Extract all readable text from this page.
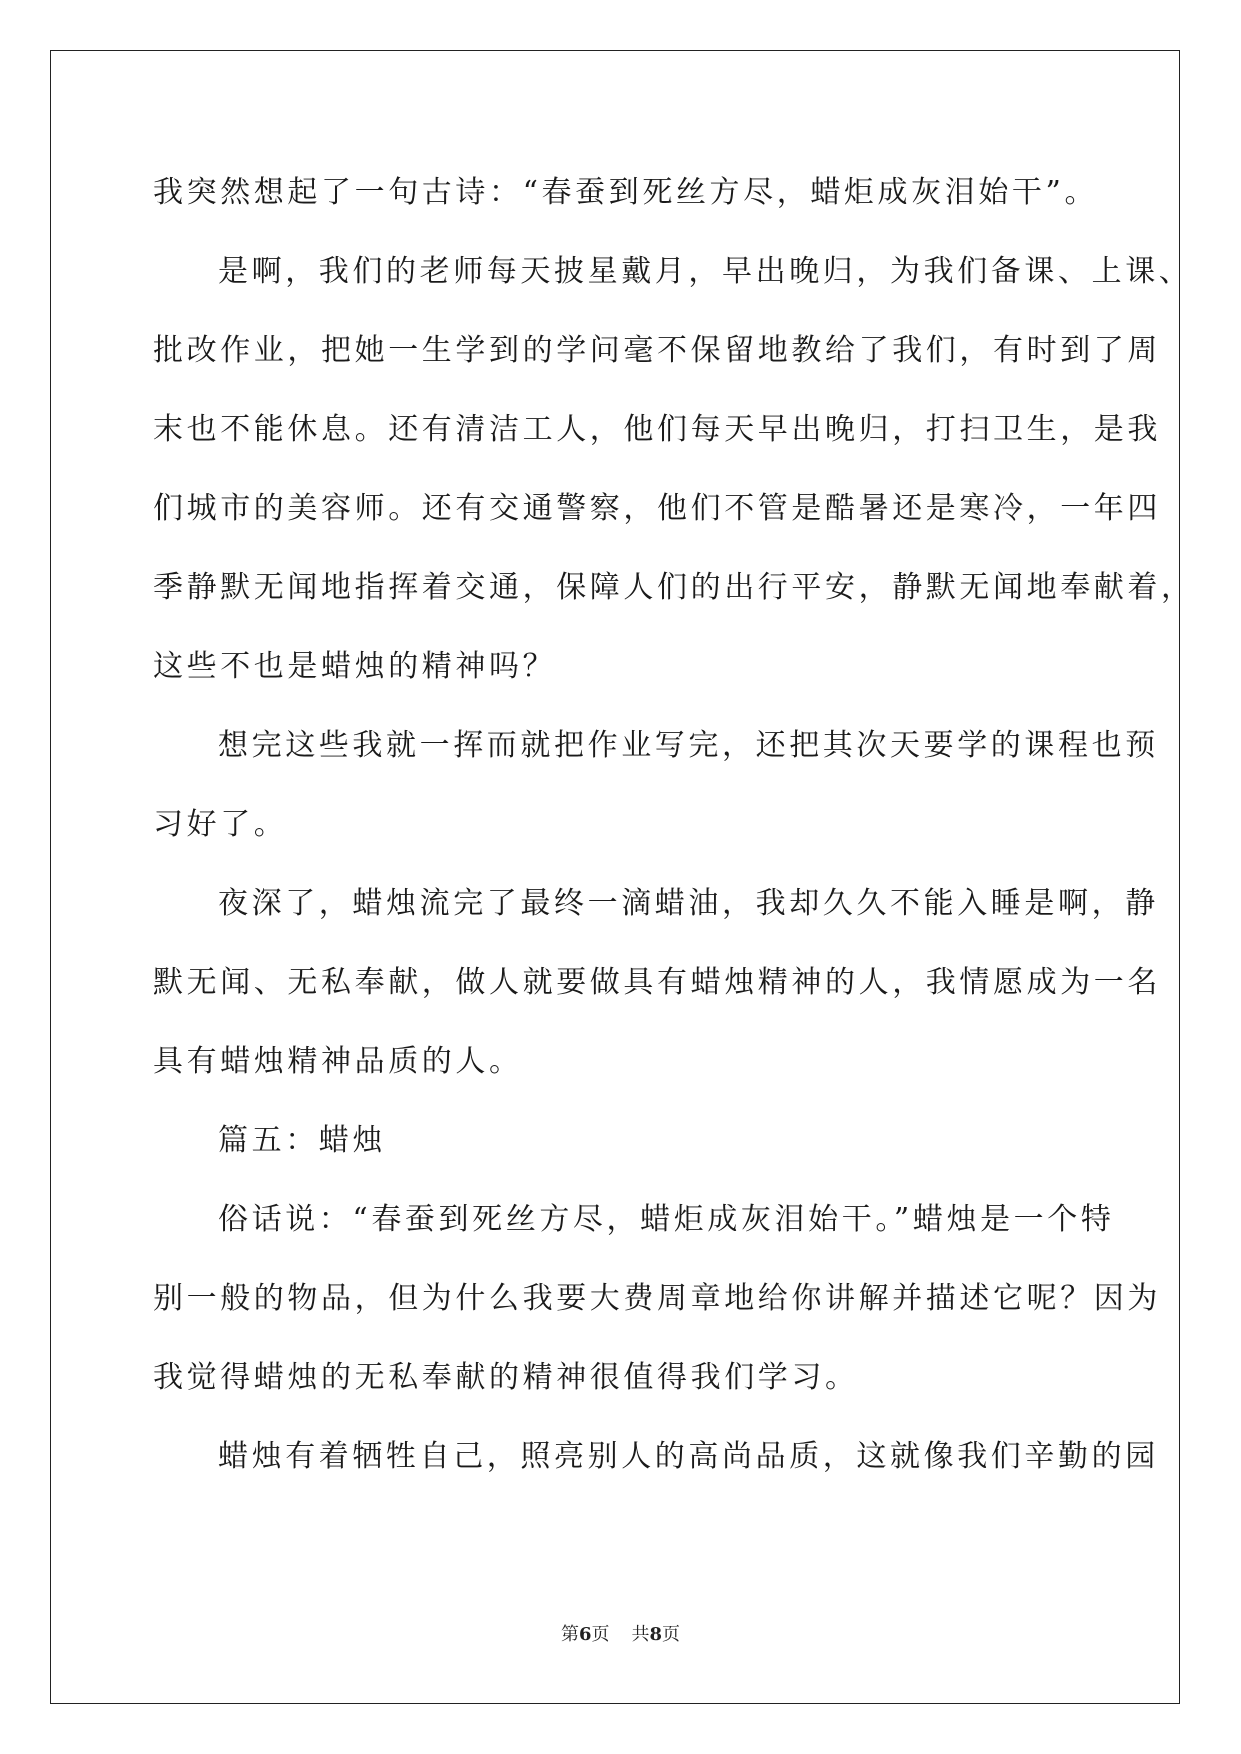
我突然想起了一句古诗：“春蚕到死丝方尽，蜡炬成灰泪始干”。

是啊，我们的老师每天披星戴月，早出晚归，为我们备课、上课、

批改作业，把她一生学到的学问毫不保留地教给了我们，有时到了周

末也不能休息。还有清洁工人，他们每天早出晚归，打扫卫生，是我

们城市的美容师。还有交通警察，他们不管是酷暑还是寒冷，一年四

季静默无闻地指挥着交通，保障人们的出行平安，静默无闻地奉献着，

这些不也是蜡烛的精神吗？

想完这些我就一挥而就把作业写完，还把其次天要学的课程也预

习好了。

夜深了，蜡烛流完了最终一滴蜡油，我却久久不能入睡是啊，静

默无闻、无私奉献，做人就要做具有蜡烛精神的人，我情愿成为一名

具有蜡烛精神品质的人。

篇五：蜡烛

俗话说：“春蚕到死丝方尽，蜡炬成灰泪始干。”蜡烛是一个特

别一般的物品，但为什么我要大费周章地给你讲解并描述它呢？因为

我觉得蜡烛的无私奉献的精神很值得我们学习。

蜡烛有着牺牲自己，照亮别人的高尚品质，这就像我们辛勤的园

第6页 共8页
